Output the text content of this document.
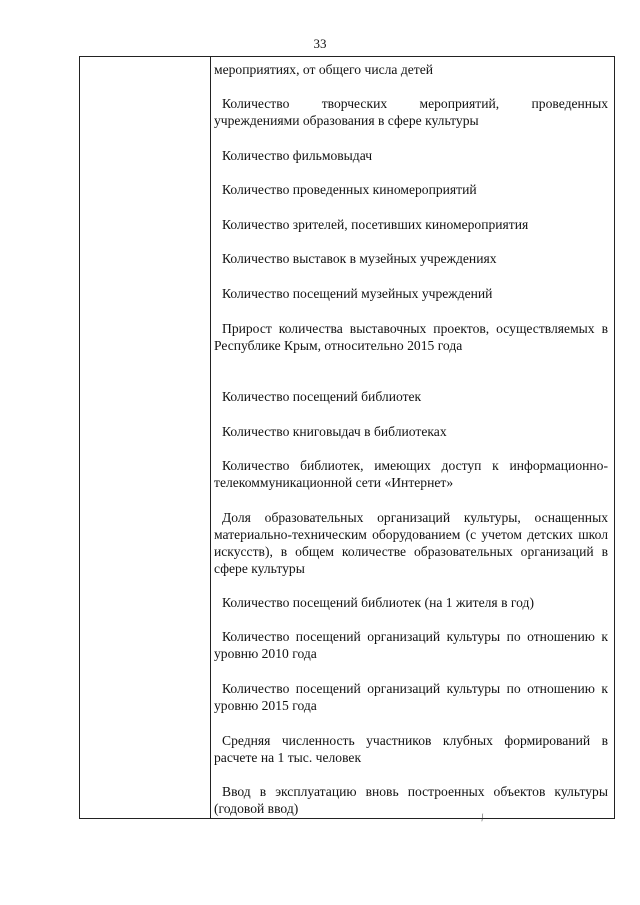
33

мероприятиях, от общего числа детей

Количество творческих мероприятий, проведенных учреждениями образования в сфере культуры

Количество фильмовыдач

Количество проведенных киномероприятий

Количество зрителей, посетивших киномероприятия

Количество выставок в музейных учреждениях

Количество посещений музейных учреждений

Прирост количества выставочных проектов, осуществляемых в Республике Крым, относительно 2015 года

Количество посещений библиотек

Количество книговыдач в библиотеках

Количество библиотек, имеющих доступ к информационно-телекоммуникационной сети «Интернет»

Доля образовательных организаций культуры, оснащенных материально-техническим оборудованием (с учетом детских школ искусств), в общем количестве образовательных организаций в сфере культуры

Количество посещений библиотек (на 1 жителя в год)

Количество посещений организаций культуры по отношению к уровню 2010 года

Количество посещений организаций культуры по отношению к уровню 2015 года

Средняя численность участников клубных формирований в расчете на 1 тыс. человек

Ввод в эксплуатацию вновь построенных объектов культуры (годовой ввод)

/
